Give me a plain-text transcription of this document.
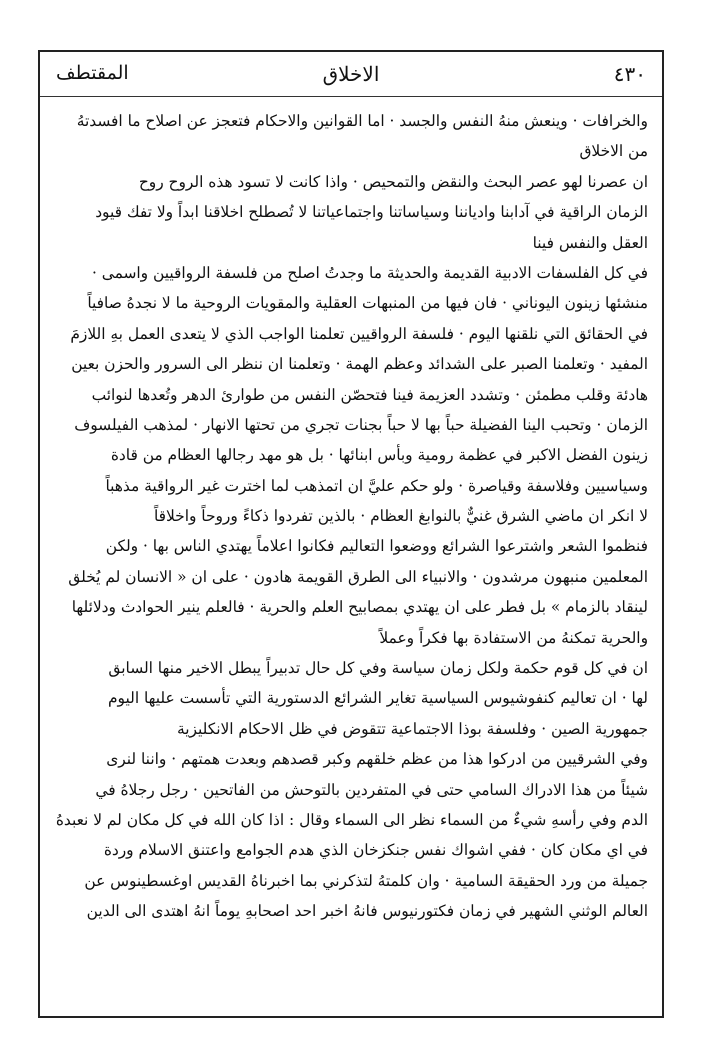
٤٣٠
الاخلاق
المقتطف
والخرافات · وينعش منهُ النفس والجسد · اما القوانين والاحكام فتعجز عن اصلاح ما افسدتهُ
من الاخلاق
ان عصرنا لهو عصر البحث والنقض والتمحيص · واذا كانت لا تسود هذه الروح روح
الزمان الراقية في آدابنا وادياننا وسياساتنا واجتماعياتنا لا تُصطلح اخلاقنا ابداً ولا تفك قيود
العقل والنفس فينا
في كل الفلسفات الادبية القديمة والحديثة ما وجدتُ اصلح من فلسفة الرواقيين واسمى ·
منشئها زينون اليوناني · فان فيها من المنبهات العقلية والمقويات الروحية ما لا نجدهُ صافياً
في الحقائق التي نلقنها اليوم · فلسفة الرواقيين تعلمنا الواجب الذي لا يتعدى العمل بهِ اللازمَ
المفيد · وتعلمنا الصبر على الشدائد وعظم الهمة · وتعلمنا ان ننظر الى السرور والحزن بعين
هادئة وقلب مطمئن · وتشدد العزيمة فينا فتحصّن النفس من طوارئ الدهر وتُعدها لنوائب
الزمان · وتحبب الينا الفضيلة حباً بها لا حباً بجنات تجري من تحتها الانهار · لمذهب الفيلسوف
زينون الفضل الاكبر في عظمة رومية وبأس ابنائها · بل هو مهد رجالها العظام من قادة
وسياسيين وفلاسفة وقياصرة · ولو حكم عليَّ ان اتمذهب لما اخترت غير الرواقية مذهباً
لا انكر ان ماضي الشرق غنيٌّ بالنوابغ العظام · بالذين تفردوا ذكاءً وروحاً واخلاقاً
فنظموا الشعر واشترعوا الشرائع ووضعوا التعاليم فكانوا اعلاماً يهتدي الناس بها · ولكن
المعلمين منبهون مرشدون · والانبياء الى الطرق القويمة هادون · على ان « الانسان لم يُخلق
لينقاد بالزمام » بل فطر على ان يهتدي بمصابيح العلم والحرية · فالعلم ينير الحوادث ودلائلها
والحرية تمكنهُ من الاستفادة بها فكراً وعملاً
ان في كل قوم حكمة ولكل زمان سياسة وفي كل حال تدبيراً يبطل الاخير منها السابق
لها · ان تعاليم كنفوشيوس السياسية تغاير الشرائع الدستورية التي تأسست عليها اليوم
جمهورية الصين · وفلسفة بوذا الاجتماعية تتقوض في ظل الاحكام الانكليزية
وفي الشرقيين من ادركوا هذا من عظم خلقهم وكبر قصدهم وبعدت همتهم · واننا لنرى
شيئاً من هذا الادراك السامي حتى في المتفردين بالتوحش من الفاتحين · رجل رجلاهُ في
الدم وفي رأسهِ شيءٌ من السماء نظر الى السماء وقال : اذا كان الله في كل مكان لم لا نعبدهُ
في اي مكان كان · ففي اشواك نفس جنكزخان الذي هدم الجوامع واعتنق الاسلام وردة
جميلة من ورد الحقيقة السامية · وان كلمتهُ لتذكرني بما اخبرناهُ القديس اوغسطينوس عن
العالم الوثني الشهير في زمان فكتورنيوس فانهُ اخبر احد اصحابهِ يوماً انهُ اهتدى الى الدين
